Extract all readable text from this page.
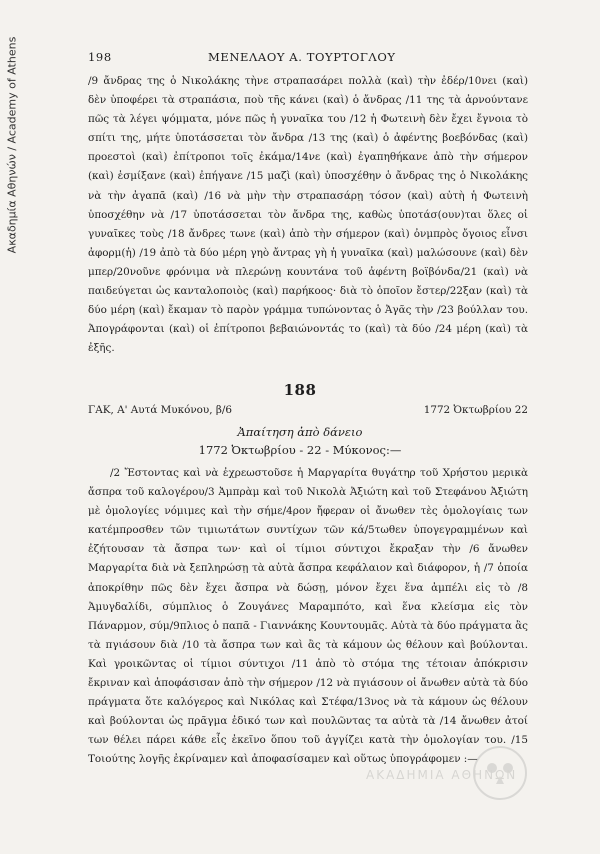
Ακαδημία Αθηνών / Academy of Athens	198	ΜΕΝΕΛΑΟΥ Α. ΤΟΥΡΤΟΓΛΟΥ

/9 ἄνδρας της ὁ Νικολάκης τὴνε στραπασάρει πολλὰ (καὶ) τὴν ἐδέρ/10νει (καὶ) δὲν ὑποφέρει τὰ στραπάσια, ποὺ τῆς κάνει (καὶ) ὁ ἄνδρας /11 της τὰ ἀρνούντανε πῶς τὰ λέγει ψόμματα, μόνε πῶς ἡ γυναῖκα του /12 ἡ Φωτεινὴ δὲν ἔχει ἔγνοια τὸ σπίτι της, μήτε ὑποτάσσεται τὸν ἄνδρα /13 της (καὶ) ὁ ἀφέντης βοεβόνδας (καὶ) προεστοὶ (καὶ) ἐπίτροποι τοῖς ἐκάμα/14νε (καὶ) ἐγαπηθήκανε ἀπὸ τὴν σήμερον (καὶ) ἐσμίξανε (καὶ) ἐπήγανε /15 μαζὶ (καὶ) ὑποσχέθην ὁ ἄνδρας της ὁ Νικολάκης νὰ τὴν ἀγαπᾶ (καὶ) /16 νὰ μὴν τὴν στραπασάρῃ τόσον (καὶ) αὐτὴ ἡ Φωτεινὴ ὑποσχέθην νὰ /17 ὑποτάσσεται τὸν ἄνδρα της, καθὼς ὑποτάσ(ουν)ται ὅλες οἱ γυναῖκες τοὺς /18 ἄνδρες τωνε (καὶ) ἀπὸ τὴν σήμερον (καὶ) ὀνμπρὸς ὄγοιος εἶνσι ἀφορμ(ἡ) /19 ἀπὸ τὰ δύο μέρη γηὸ ἄντρας γὴ ἡ γυναῖκα (καὶ) μαλώσουνε (καὶ) δὲν μπερ/20νοῦνε φρόνιμα νὰ πλερώνῃ κουντάνα τοῦ ἀφέντη βοϊβόνδα/21 (καὶ) νὰ παιδεύγεται ὡς κανταλοποιὸς (καὶ) παρήκοος· διὰ τὸ ὁποῖον ἔστερ/22ξαν (καὶ) τὰ δύο μέρη (καὶ) ἔκαμαν τὸ παρὸν γράμμα τυπώνοντας ὁ Ἀγᾶς τὴν /23 βούλλαν του. Ἀπογράφονται (καὶ) οἱ ἐπίτροποι βεβαιώνοντάς το (καὶ) τὰ δύο /24 μέρη (καὶ) τὰ ἐξῆς.

188
ΓΑΚ, Α' Αυτά Μυκόνου, β/6	1772 Ὀκτωβρίου 22
Ἀπαίτηση ἀπὸ δάνειο
1772 Ὀκτωβρίου - 22 - Μύκονος:—

/2 Ἔστοντας καὶ νὰ ἐχρεωστοῦσε ἡ Μαργαρίτα θυγάτηρ τοῦ Χρήστου μερικὰ ἄσπρα τοῦ καλογέρου/3 Ἀμπρὰμ καὶ τοῦ Νικολὰ Ἀξιώτη καὶ τοῦ Στεφάνου Ἀξιώτη μὲ ὁμολογίες νόμιμες καὶ τὴν σήμε/4ρον ἤφεραν οἱ ἄνωθεν τὲς ὁμολογίαις των κατέμπροσθεν τῶν τιμιωτάτων συντίχων τῶν κά/5τωθεν ὑπογεγραμμένων καὶ ἐζήτουσαν τὰ ἄσπρα των· καὶ οἱ τίμιοι σύντιχοι ἔκραξαν τὴν /6 ἄνωθεν Μαργαρίτα διὰ νὰ ξεπληρώσῃ τὰ αὐτὰ ἄσπρα κεφάλαιον καὶ διάφορον, ἡ /7 ὁποία ἀποκρίθην πῶς δὲν ἔχει ἄσπρα νὰ δώσῃ, μόνον ἔχει ἕνα ἀμπέλι εἰς τὸ /8 Ἀμυγδαλίδι, σύμπλιος ὁ Ζουγάνες Μαραμπότο, καὶ ἕνα κλείσμα εἰς τὸν Πάναρμον, σύμ/9πλιος ὁ παπᾶ - Γιαννάκης Κουντουμᾶς. Αὐτὰ τὰ δύο πράγματα ἂς τὰ πγιάσουν διὰ /10 τὰ ἄσπρα των καὶ ἂς τὰ κάμουν ὡς θέλουν καὶ βούλονται. Καὶ γροικῶντας οἱ τίμιοι σύντιχοι /11 ἀπὸ τὸ στόμα της τέτοιαν ἀπόκρισιν ἔκριναν καὶ ἀποφάσισαν ἀπὸ τὴν σήμερον /12 νὰ πγιάσουν οἱ ἄνωθεν αὐτὰ τὰ δύο πράγματα ὅτε καλόγερος καὶ Νικόλας καὶ Στέφα/13νος νὰ τὰ κάμουν ὡς θέλουν καὶ βούλονται ὡς πρᾶγμα ἐδικό των καὶ πουλῶντας τα αὐτὰ τὰ /14 ἄνωθεν ἀτοί των θέλει πάρει κάθε εἷς ἐκεῖνο ὅπου τοῦ ἀγγίζει κατὰ τὴν ὁμολογίαν του. /15 Τοιούτης λογῆς ἐκρίναμεν καὶ ἀποφασίσαμεν καὶ οὕτως ὑπογράφομεν :—

ΑΚΑΔΗΜΙΑ ΑΘΗΝΩΝ
